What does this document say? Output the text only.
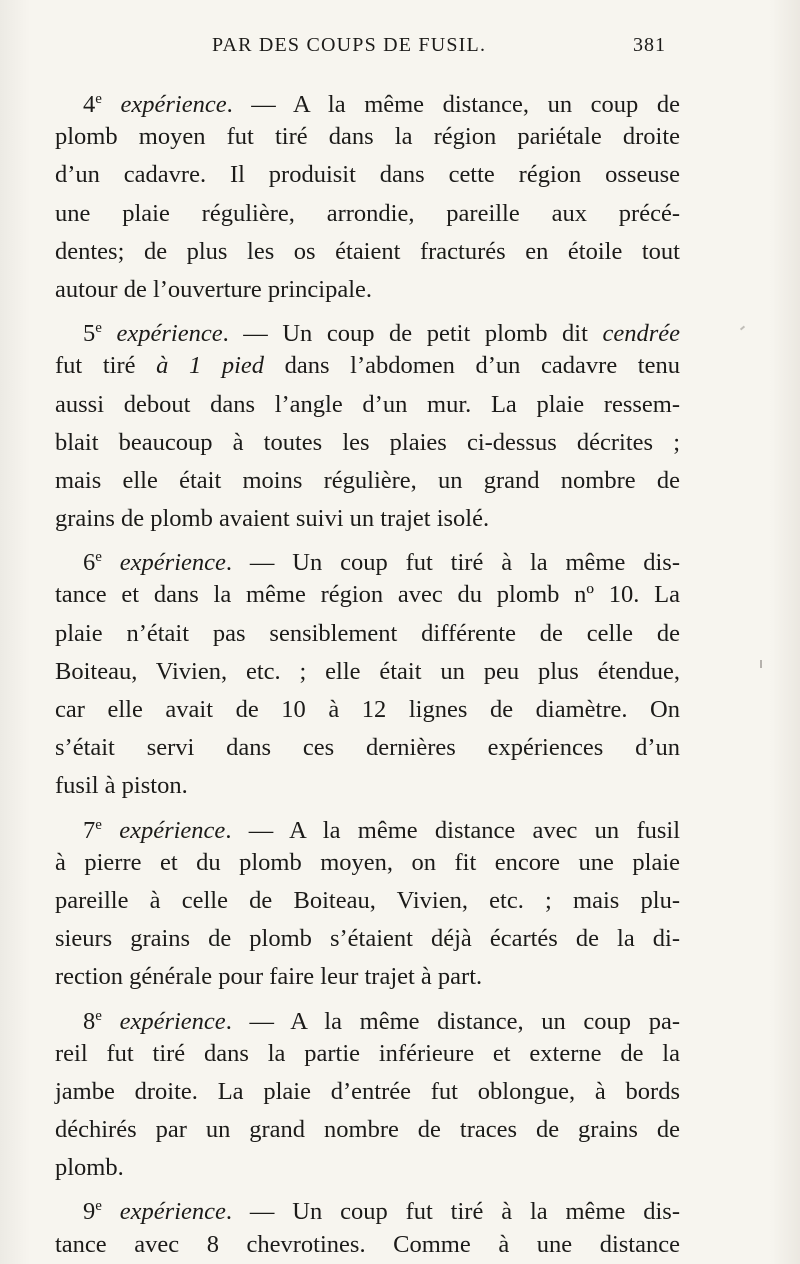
PAR DES COUPS DE FUSIL.	381
4e expérience. — A la même distance, un coup de
plomb moyen fut tiré dans la région pariétale droite
d’un cadavre. Il produisit dans cette région osseuse
une plaie régulière, arrondie, pareille aux précé-
dentes; de plus les os étaient fracturés en étoile tout
autour de l’ouverture principale.
5e expérience. — Un coup de petit plomb dit cendrée
fut tiré à 1 pied dans l’abdomen d’un cadavre tenu
aussi debout dans l’angle d’un mur. La plaie ressem-
blait beaucoup à toutes les plaies ci-dessus décrites ;
mais elle était moins régulière, un grand nombre de
grains de plomb avaient suivi un trajet isolé.
6e expérience. — Un coup fut tiré à la même dis-
tance et dans la même région avec du plomb nº 10. La
plaie n’était pas sensiblement différente de celle de
Boiteau, Vivien, etc. ; elle était un peu plus étendue,
car elle avait de 10 à 12 lignes de diamètre. On
s’était servi dans ces dernières expériences d’un
fusil à piston.
7e expérience. — A la même distance avec un fusil
à pierre et du plomb moyen, on fit encore une plaie
pareille à celle de Boiteau, Vivien, etc. ; mais plu-
sieurs grains de plomb s’étaient déjà écartés de la di-
rection générale pour faire leur trajet à part.
8e expérience. — A la même distance, un coup pa-
reil fut tiré dans la partie inférieure et externe de la
jambe droite. La plaie d’entrée fut oblongue, à bords
déchirés par un grand nombre de traces de grains de
plomb.
9e expérience. — Un coup fut tiré à la même dis-
tance avec 8 chevrotines. Comme à une distance
